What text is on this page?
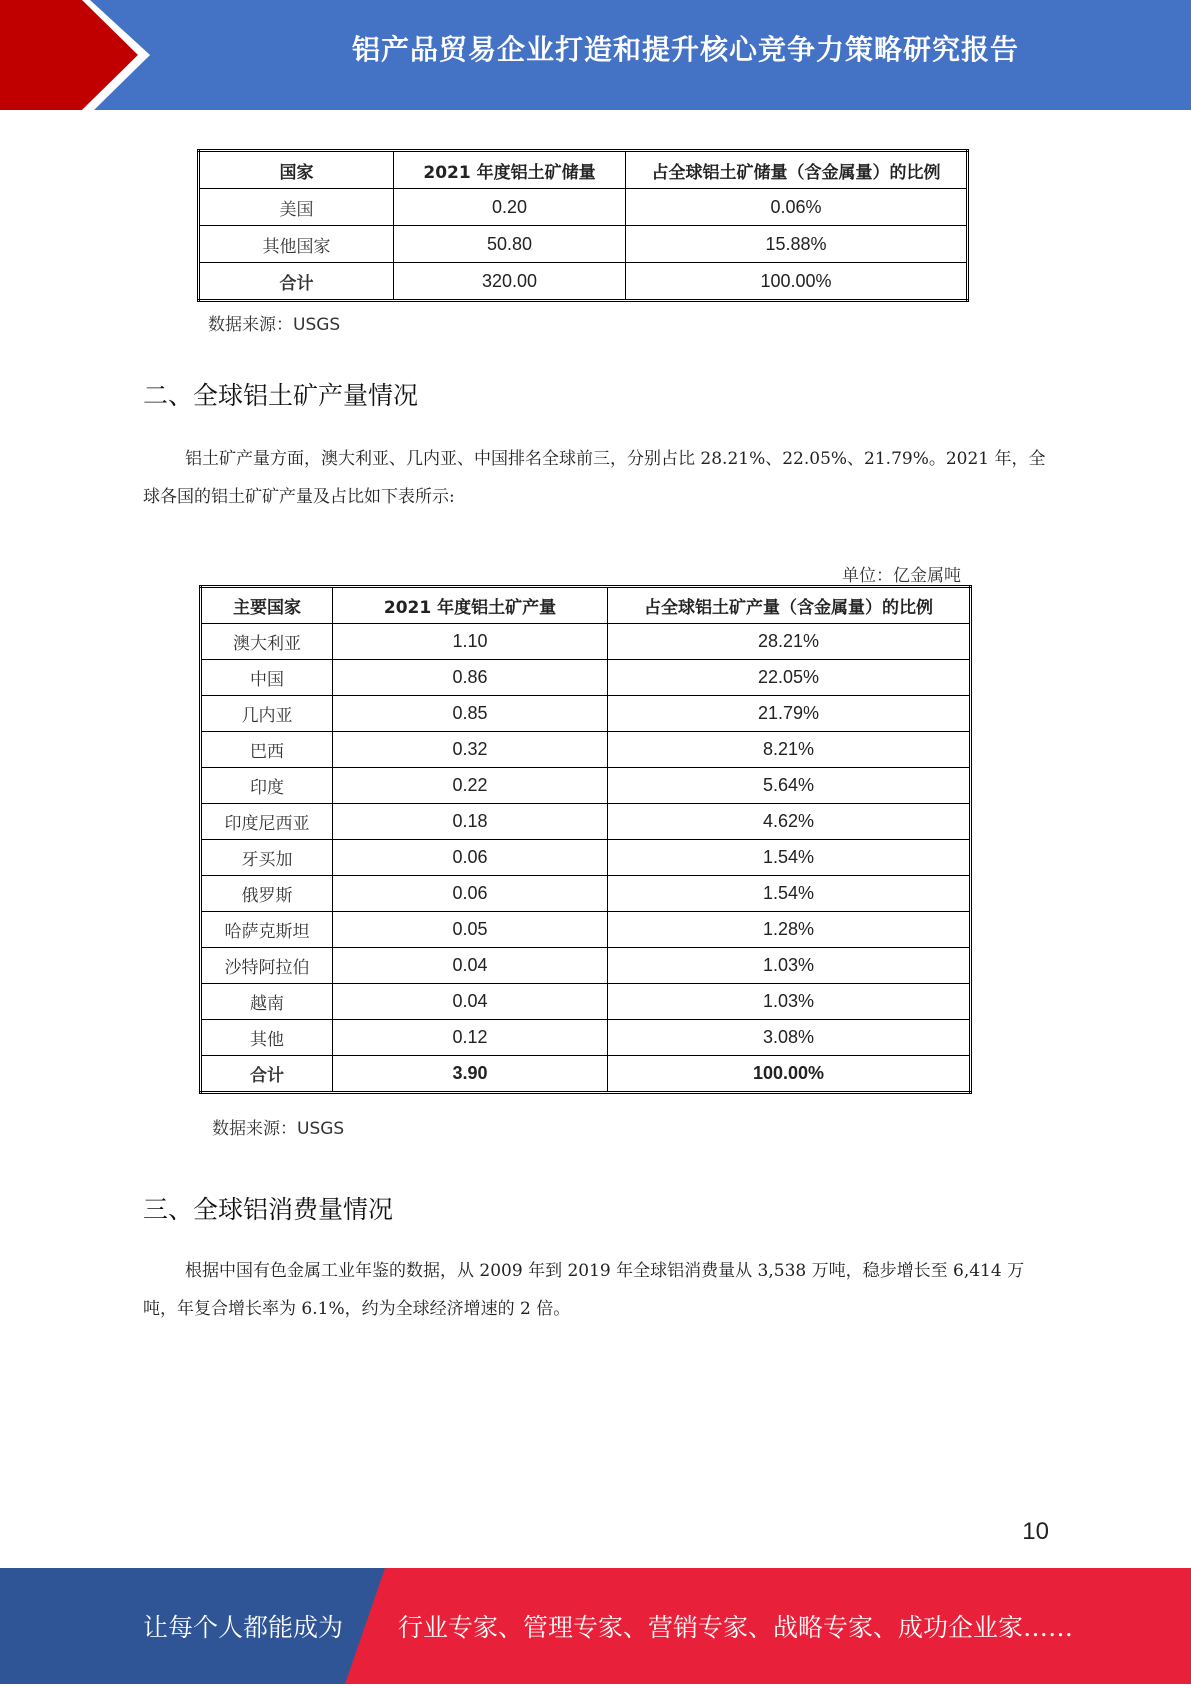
铝产品贸易企业打造和提升核心竞争力策略研究报告
国家	2021 年度铝土矿储量	占全球铝土矿储量（含金属量）的比例
美国	0.20	0.06%
其他国家	50.80	15.88%
合计	320.00	100.00%
数据来源：USGS
二、全球铝土矿产量情况

铝土矿产量方面，澳大利亚、几内亚、中国排名全球前三，分别占比 28.21%、22.05%、21.79%。2021 年，全球各国的铝土矿矿产量及占比如下表所示:

单位：亿金属吨
主要国家	2021 年度铝土矿产量	占全球铝土矿产量（含金属量）的比例
澳大利亚	1.10	28.21%
中国	0.86	22.05%
几内亚	0.85	21.79%
巴西	0.32	8.21%
印度	0.22	5.64%
印度尼西亚	0.18	4.62%
牙买加	0.06	1.54%
俄罗斯	0.06	1.54%
哈萨克斯坦	0.05	1.28%
沙特阿拉伯	0.04	1.03%
越南	0.04	1.03%
其他	0.12	3.08%
合计	3.90	100.00%
数据来源：USGS
三、全球铝消费量情况

根据中国有色金属工业年鉴的数据，从 2009 年到 2019 年全球铝消费量从 3,538 万吨，稳步增长至 6,414 万吨，年复合增长率为 6.1%，约为全球经济增速的 2 倍。

10
让每个人都能成为 行业专家、管理专家、营销专家、战略专家、成功企业家……
